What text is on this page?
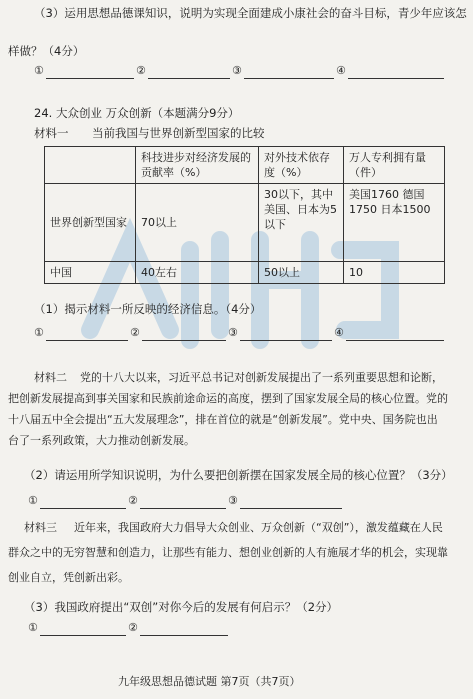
（3）运用思想品德课知识，说明为实现全面建成小康社会的奋斗目标，青少年应该怎
样做？（4分）
①	②	③	④
24. 大众创业 万众创新（本题满分9分）
材料一 当前我国与世界创新型国家的比较
	科技进步对经济发展的贡献率（%）	对外技术依存度（%）	万人专利拥有量（件）
世界创新型国家	70以上	30以下，其中美国、日本为5以下	美国1760 德国1750 日本1500
中国	40左右	50以上	10
（1）揭示材料一所反映的经济信息。（4分）
①	②	③	④
材料二 党的十八大以来，习近平总书记对创新发展提出了一系列重要思想和论断，
把创新发展提高到事关国家和民族前途命运的高度，摆到了国家发展全局的核心位置。党的
十八届五中全会提出“五大发展理念”，排在首位的就是“创新发展”。党中央、国务院也出
台了一系列政策，大力推动创新发展。
（2）请运用所学知识说明，为什么要把创新摆在国家发展全局的核心位置？（3分）
①	②	③
材料三 近年来，我国政府大力倡导大众创业、万众创新（“双创”），激发蕴藏在人民
群众之中的无穷智慧和创造力，让那些有能力、想创业创新的人有施展才华的机会，实现靠
创业自立，凭创新出彩。
（3）我国政府提出“双创”对你今后的发展有何启示？（2分）
①	②
九年级思想品德试题 第7页（共7页）
